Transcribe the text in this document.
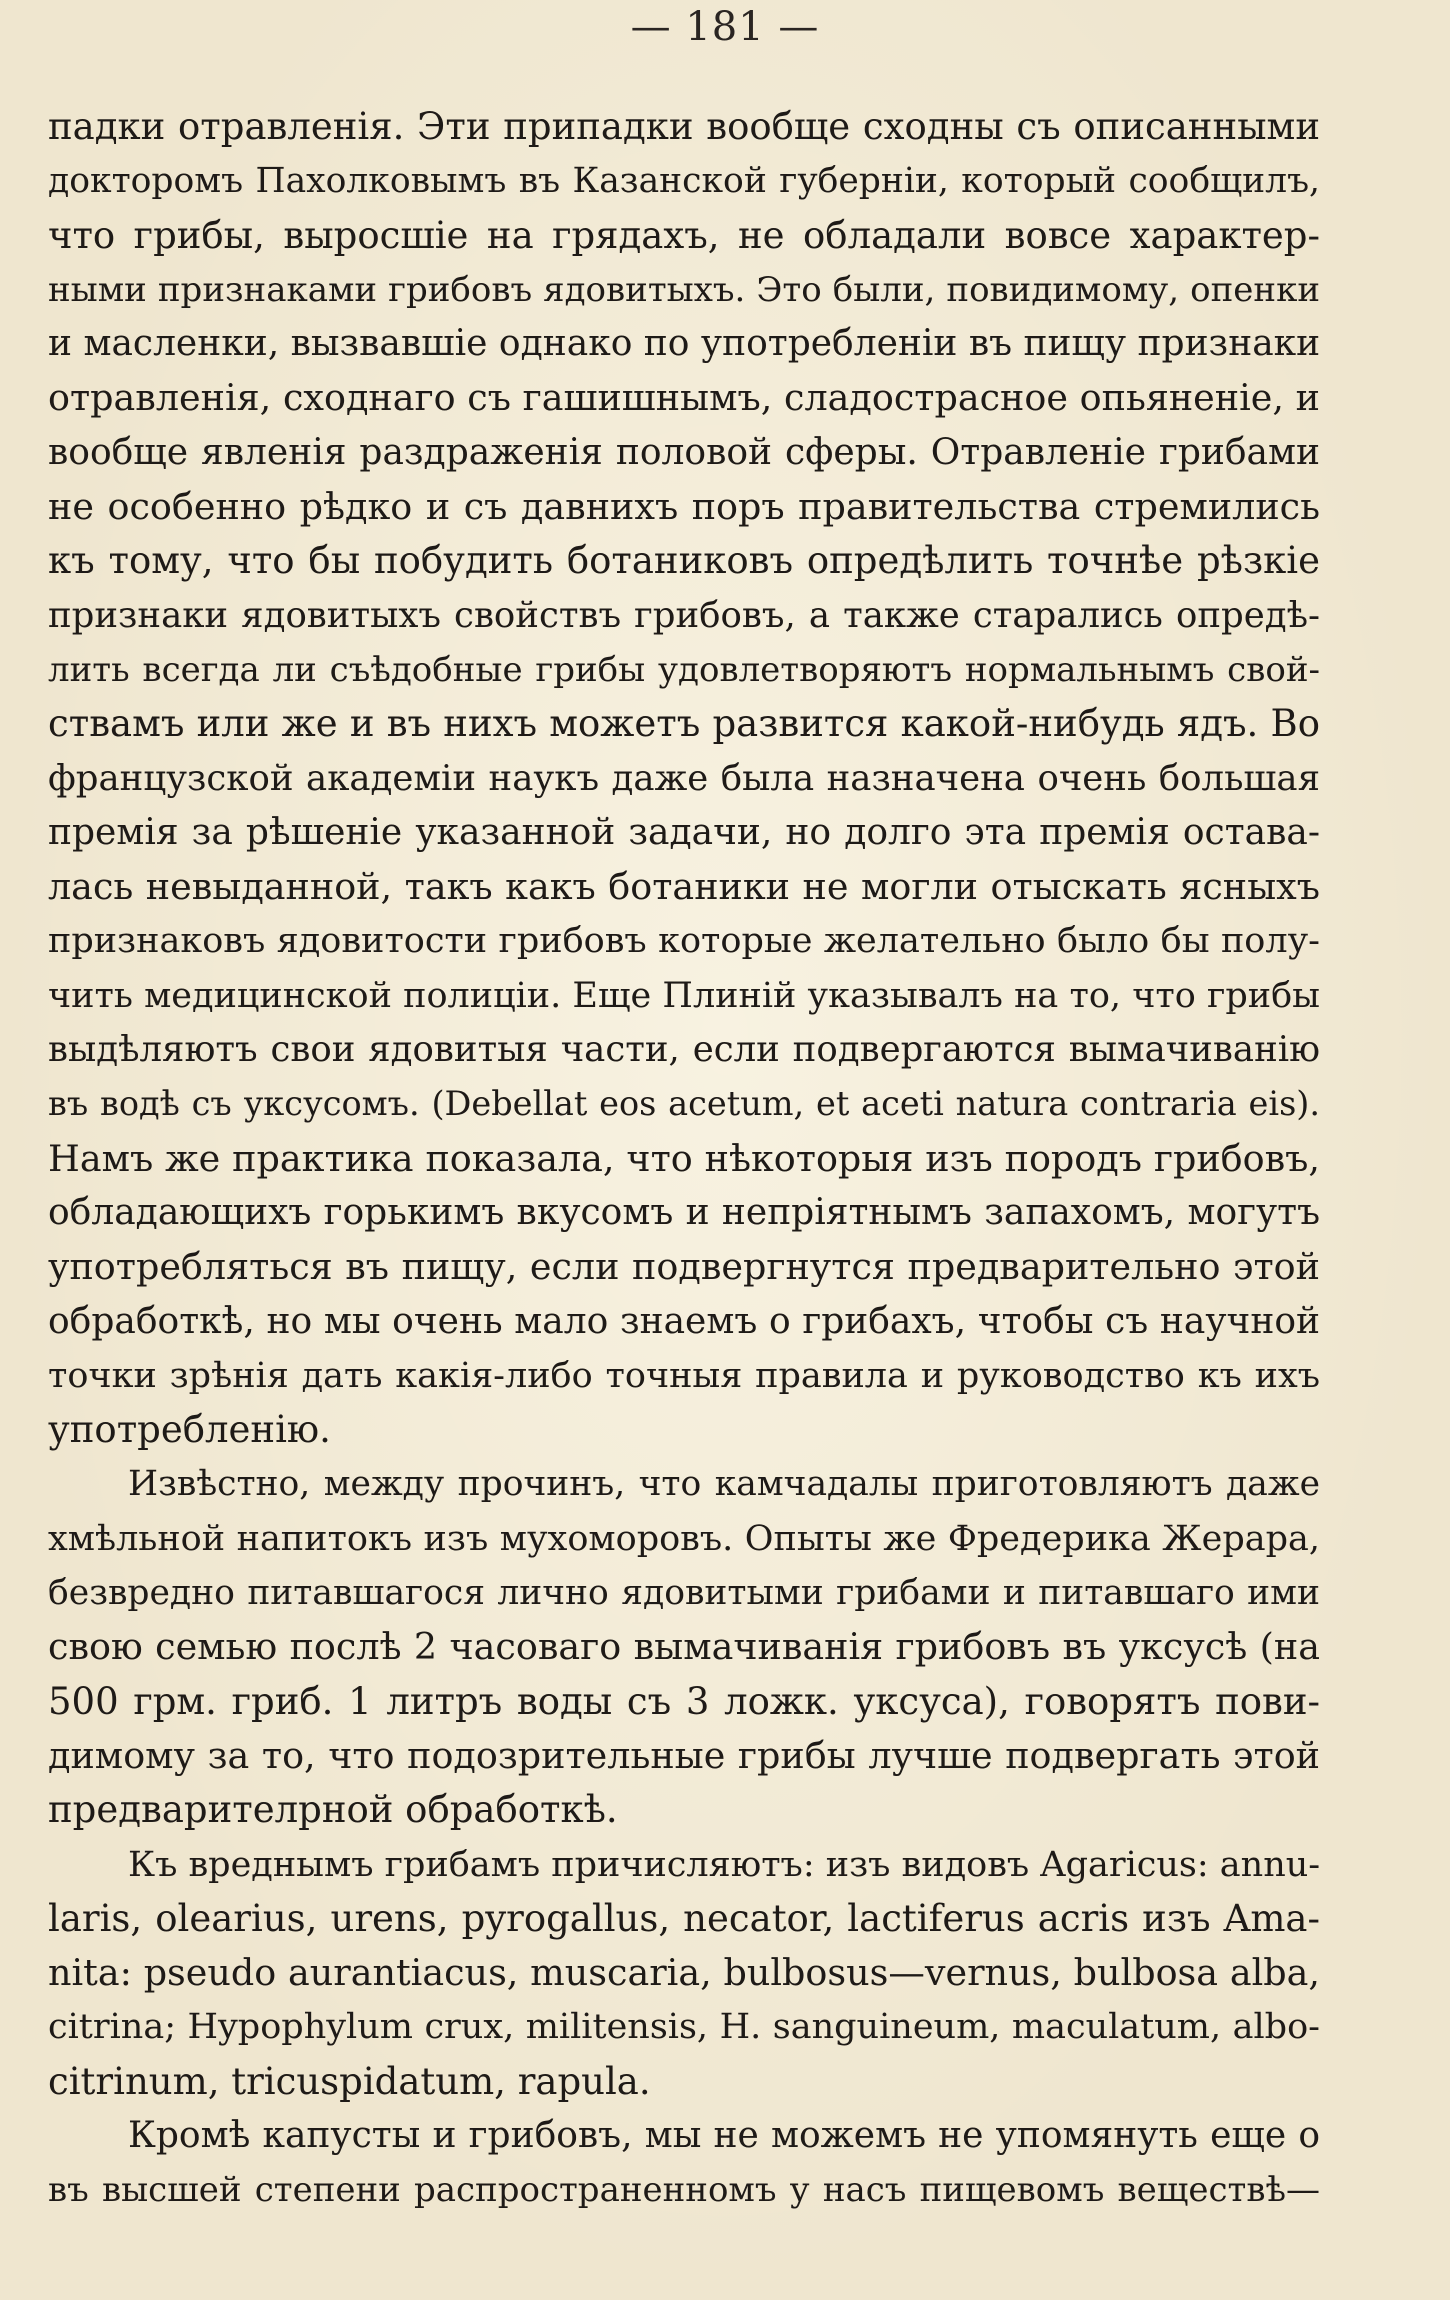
— 181 —
падки отравленія. Эти припадки вообще сходны съ описанными
докторомъ Пахолковымъ въ Казанской губерніи, который сообщилъ,
что грибы, выросшіе на грядахъ, не обладали вовсе характер-
ными признаками грибовъ ядовитыхъ. Это были, повидимому, опенки
и масленки, вызвавшіе однако по употребленіи въ пищу признаки
отравленія, сходнаго съ гашишнымъ, сладострасное опьяненіе, и
вообще явленія раздраженія половой сферы. Отравленіе грибами
не особенно рѣдко и съ давнихъ поръ правительства стремились
къ тому, что бы побудить ботаниковъ опредѣлить точнѣе рѣзкіе
признаки ядовитыхъ свойствъ грибовъ, а также старались опредѣ-
лить всегда ли съѣдобные грибы удовлетворяютъ нормальнымъ свой-
ствамъ или же и въ нихъ можетъ развится какой-нибудь ядъ. Во
французской академіи наукъ даже была назначена очень большая
премія за рѣшеніе указанной задачи, но долго эта премія остава-
лась невыданной, такъ какъ ботаники не могли отыскать ясныхъ
признаковъ ядовитости грибовъ которые желательно было бы полу-
чить медицинской полиціи. Еще Плиній указывалъ на то, что грибы
выдѣляютъ свои ядовитыя части, если подвергаются вымачиванію
въ водѣ съ уксусомъ. (Debellat eos acetum, et aceti natura contraria eis).
Намъ же практика показала, что нѣкоторыя изъ породъ грибовъ,
обладающихъ горькимъ вкусомъ и непріятнымъ запахомъ, могутъ
употребляться въ пищу, если подвергнутся предварительно этой
обработкѣ, но мы очень мало знаемъ о грибахъ, чтобы съ научной
точки зрѣнія дать какія-либо точныя правила и руководство къ ихъ
употребленію.
Извѣстно, между прочинъ, что камчадалы приготовляютъ даже
хмѣльной напитокъ изъ мухоморовъ. Опыты же Фредерика Жерара,
безвредно питавшагося лично ядовитыми грибами и питавшаго ими
свою семью послѣ 2 часоваго вымачиванія грибовъ въ уксусѣ (на
500 грм. гриб. 1 литръ воды съ 3 ложк. уксуса), говорятъ пови-
димому за то, что подозрительные грибы лучше подвергать этой
предварителрной обработкѣ.
Къ вреднымъ грибамъ причисляютъ: изъ видовъ Agaricus: annu-
laris, olearius, urens, pyrogallus, necator, lactiferus acris изъ Ama-
nita: pseudo aurantiacus, muscaria, bulbosus—vernus, bulbosa alba,
citrina; Hypophylum crux, militensis, H. sanguineum, maculatum, albo-
citrinum, tricuspidatum, rapula.
Кромѣ капусты и грибовъ, мы не можемъ не упомянуть еще о
въ высшей степени распространенномъ у насъ пищевомъ веществѣ—
